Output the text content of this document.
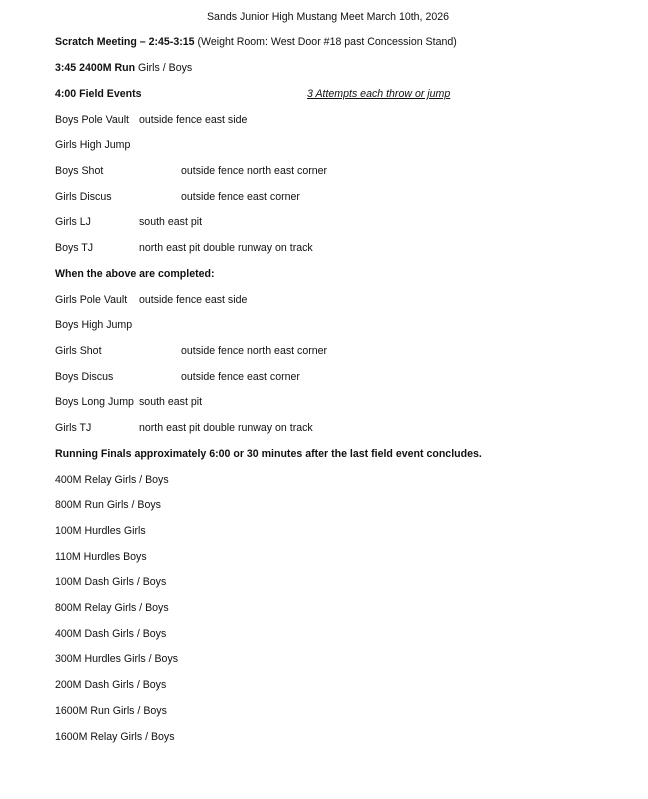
Sands Junior High Mustang Meet March 10th, 2026
Scratch Meeting – 2:45-3:15 (Weight Room: West Door #18 past Concession Stand)
3:45 2400M Run Girls / Boys
4:00 Field Events	3 Attempts each throw or jump
Boys Pole Vault outside fence east side
Girls High Jump
Boys Shot	outside fence north east corner
Girls Discus	outside fence east corner
Girls LJ	south east pit
Boys TJ	north east pit double runway on track
When the above are completed:
Girls Pole Vault outside fence east side
Boys High Jump
Girls Shot	outside fence north east corner
Boys Discus	outside fence east corner
Boys Long Jump south east pit
Girls TJ	north east pit double runway on track
Running Finals approximately 6:00 or 30 minutes after the last field event concludes.
400M Relay Girls / Boys
800M Run Girls / Boys
100M Hurdles Girls
110M Hurdles Boys
100M Dash Girls / Boys
800M Relay Girls / Boys
400M Dash Girls / Boys
300M Hurdles Girls / Boys
200M Dash Girls / Boys
1600M Run Girls / Boys
1600M Relay Girls / Boys
